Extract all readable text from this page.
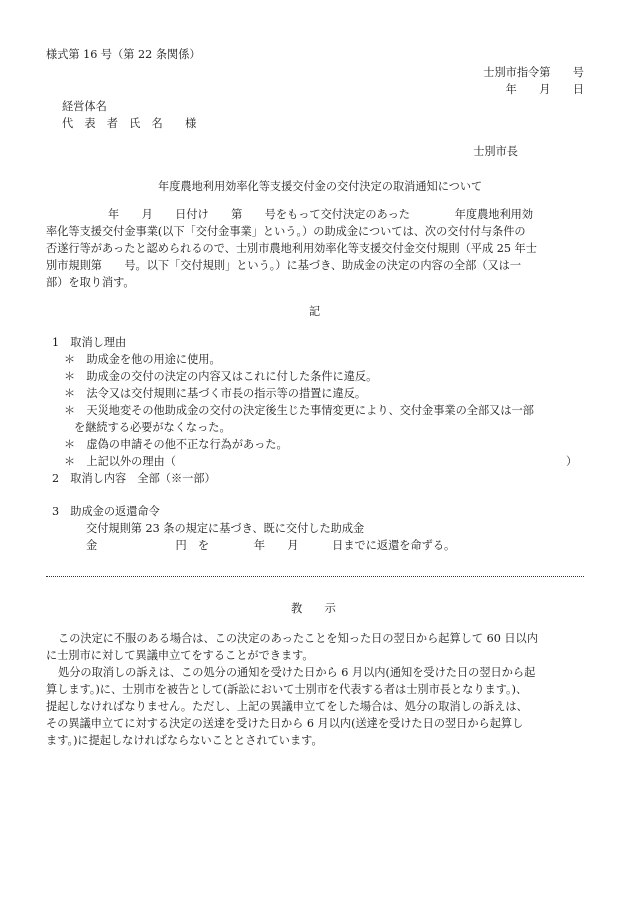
様式第 16 号（第 22 条関係）
士別市指令第　　号
年　　月　　日
経営体名
代　表　者　氏　名　　様
士別市長
年度農地利用効率化等支援交付金の交付決定の取消通知について
年　　月　　日付け　　第　　号をもって交付決定のあった　　　　年度農地利用効
率化等支援交付金事業(以下「交付金事業」という。）の助成金については、次の交付付与条件の
否遂行等があったと認められるので、士別市農地利用効率化等支援交付金交付規則（平成 25 年士
別市規則第　　号。以下「交付規則」という。）に基づき、助成金の決定の内容の全部（又は一
部）を取り消す。
記
1　取消し理由
＊　助成金を他の用途に使用。
＊　助成金の交付の決定の内容又はこれに付した条件に違反。
＊　法令又は交付規則に基づく市長の指示等の措置に違反。
＊　天災地変その他助成金の交付の決定後生じた事情変更により、交付金事業の全部又は一部
を継続する必要がなくなった。
＊　虚偽の申請その他不正な行為があった。
＊　上記以外の理由（	）
2　取消し内容　全部（※一部）
3　助成金の返還命令
交付規則第 23 条の規定に基づき、既に交付した助成金
金　　　　　　　円　を　　　　年　　月　　　日までに返還を命ずる。
教　　示
この決定に不服のある場合は、この決定のあったことを知った日の翌日から起算して 60 日以内
に士別市に対して異議申立てをすることができます。
処分の取消しの訴えは、この処分の通知を受けた日から 6 月以内(通知を受けた日の翌日から起
算します。)に、士別市を被告として(訴訟において士別市を代表する者は士別市長となります。)、
提起しなければなりません。ただし、上記の異議申立てをした場合は、処分の取消しの訴えは、
その異議申立てに対する決定の送達を受けた日から 6 月以内(送達を受けた日の翌日から起算し
ます。)に提起しなければならないこととされています。
